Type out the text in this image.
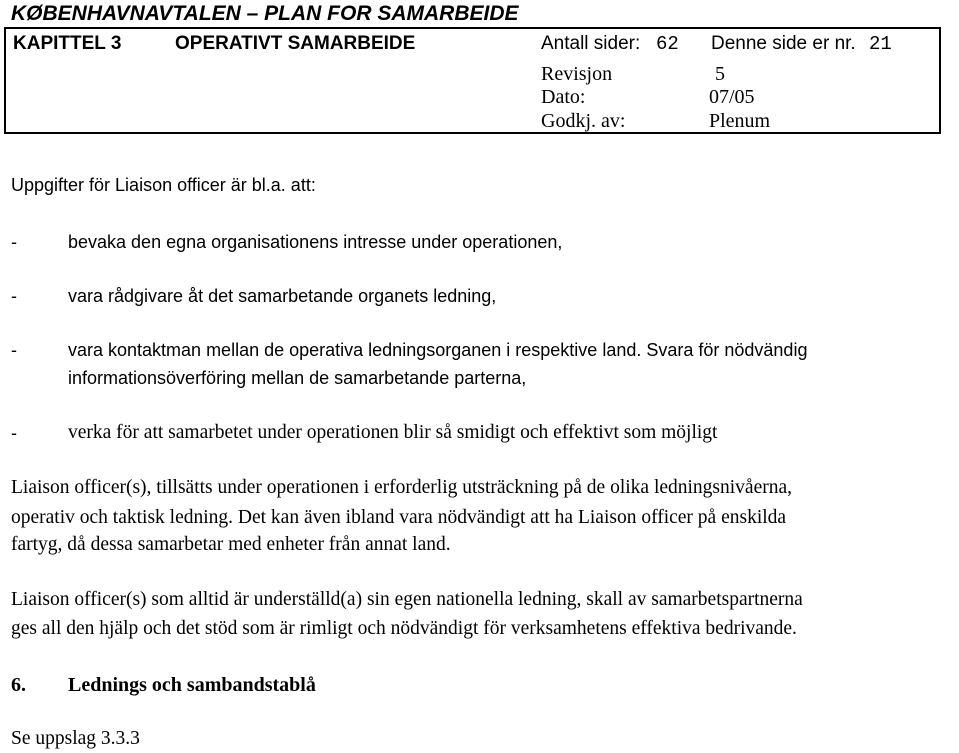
KØBENHAVNAVTALEN – PLAN FOR SAMARBEIDE
KAPITTEL 3	OPERATIVT SAMARBEIDE	Antall sider: 62 Denne side er nr. 21
Revisjon	5
Dato:	07/05
Godkj. av:	Plenum
Uppgifter för Liaison officer är bl.a. att:
-	bevaka den egna organisationens intresse under operationen,
-	vara rådgivare åt det samarbetande organets ledning,
-	vara kontaktman mellan de operativa ledningsorganen i respektive land. Svara för nödvändig
informationsöverföring mellan de samarbetande parterna,
-	verka för att samarbetet under operationen blir så smidigt och effektivt som möjligt
Liaison officer(s), tillsätts under operationen i erforderlig utsträckning på de olika ledningsnivåerna,
operativ och taktisk ledning. Det kan även ibland vara nödvändigt att ha Liaison officer på enskilda
fartyg, då dessa samarbetar med enheter från annat land.
Liaison officer(s) som alltid är underställd(a) sin egen nationella ledning, skall av samarbetspartnerna
ges all den hjälp och det stöd som är rimligt och nödvändigt för verksamhetens effektiva bedrivande.
6. Lednings och sambandstablå
Se uppslag 3.3.3
